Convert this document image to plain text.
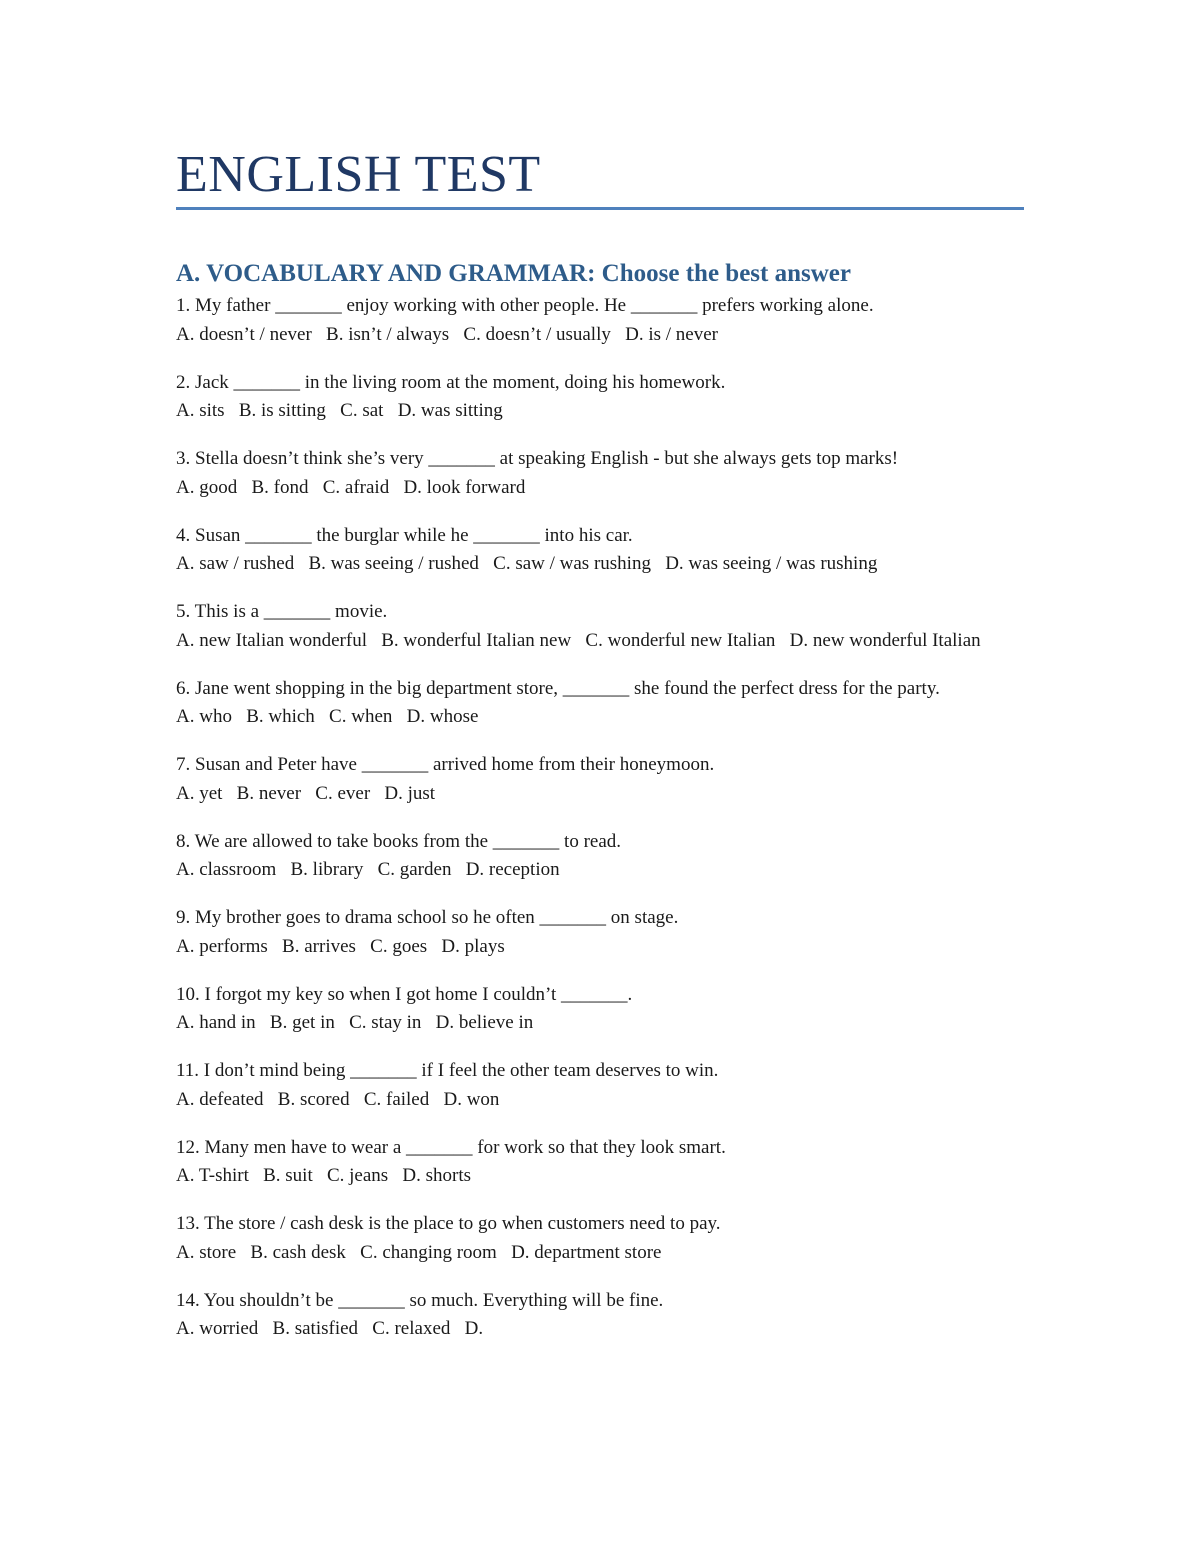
ENGLISH TEST
A. VOCABULARY AND GRAMMAR: Choose the best answer
1. My father _______ enjoy working with other people. He _______ prefers working alone.
A. doesn’t / never   B. isn’t / always   C. doesn’t / usually   D. is / never
2. Jack _______ in the living room at the moment, doing his homework.
A. sits   B. is sitting   C. sat   D. was sitting
3. Stella doesn’t think she’s very _______ at speaking English - but she always gets top marks!
A. good   B. fond   C. afraid   D. look forward
4. Susan _______ the burglar while he _______ into his car.
A. saw / rushed   B. was seeing / rushed   C. saw / was rushing   D. was seeing / was rushing
5. This is a _______ movie.
A. new Italian wonderful   B. wonderful Italian new   C. wonderful new Italian   D. new wonderful Italian
6. Jane went shopping in the big department store, _______ she found the perfect dress for the party.
A. who   B. which   C. when   D. whose
7. Susan and Peter have _______ arrived home from their honeymoon.
A. yet   B. never   C. ever   D. just
8. We are allowed to take books from the _______ to read.
A. classroom   B. library   C. garden   D. reception
9. My brother goes to drama school so he often _______ on stage.
A. performs   B. arrives   C. goes   D. plays
10. I forgot my key so when I got home I couldn’t _______.
A. hand in   B. get in   C. stay in   D. believe in
11. I don’t mind being _______ if I feel the other team deserves to win.
A. defeated   B. scored   C. failed   D. won
12. Many men have to wear a _______ for work so that they look smart.
A. T-shirt   B. suit   C. jeans   D. shorts
13. The store / cash desk is the place to go when customers need to pay.
A. store   B. cash desk   C. changing room   D. department store
14. You shouldn’t be _______ so much. Everything will be fine.
A. worried   B. satisfied   C. relaxed   D.
